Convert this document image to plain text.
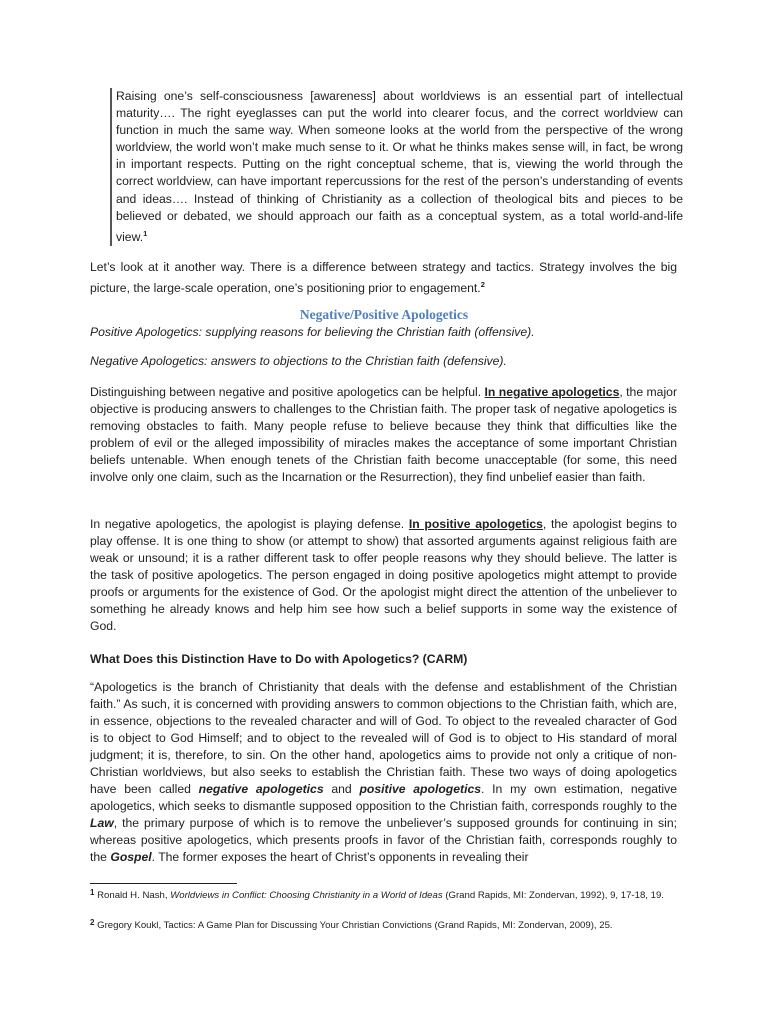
Raising one’s self-consciousness [awareness] about worldviews is an essential part of intellectual maturity…. The right eyeglasses can put the world into clearer focus, and the correct worldview can function in much the same way. When someone looks at the world from the perspective of the wrong worldview, the world won’t make much sense to it. Or what he thinks makes sense will, in fact, be wrong in important respects. Putting on the right conceptual scheme, that is, viewing the world through the correct worldview, can have important repercussions for the rest of the person’s understanding of events and ideas…. Instead of thinking of Christianity as a collection of theological bits and pieces to be believed or debated, we should approach our faith as a conceptual system, as a total world-and-life view.$^1$

Let’s look at it another way. There is a difference between strategy and tactics. Strategy involves the big picture, the large-scale operation, one’s positioning prior to engagement.$^2$

Negative/Positive Apologetics

Positive Apologetics: supplying reasons for believing the Christian faith (offensive).

Negative Apologetics: answers to objections to the Christian faith (defensive).

Distinguishing between negative and positive apologetics can be helpful. In negative apologetics, the major objective is producing answers to challenges to the Christian faith. The proper task of negative apologetics is removing obstacles to faith. Many people refuse to believe because they think that difficulties like the problem of evil or the alleged impossibility of miracles makes the acceptance of some important Christian beliefs untenable. When enough tenets of the Christian faith become unacceptable (for some, this need involve only one claim, such as the Incarnation or the Resurrection), they find unbelief easier than faith.

In negative apologetics, the apologist is playing defense. In positive apologetics, the apologist begins to play offense. It is one thing to show (or attempt to show) that assorted arguments against religious faith are weak or unsound; it is a rather different task to offer people reasons why they should believe. The latter is the task of positive apologetics. The person engaged in doing positive apologetics might attempt to provide proofs or arguments for the existence of God. Or the apologist might direct the attention of the unbeliever to something he already knows and help him see how such a belief supports in some way the existence of God.

What Does this Distinction Have to Do with Apologetics? (CARM)

“Apologetics is the branch of Christianity that deals with the defense and establishment of the Christian faith.” As such, it is concerned with providing answers to common objections to the Christian faith, which are, in essence, objections to the revealed character and will of God. To object to the revealed character of God is to object to God Himself; and to object to the revealed will of God is to object to His standard of moral judgment; it is, therefore, to sin. On the other hand, apologetics aims to provide not only a critique of non-Christian worldviews, but also seeks to establish the Christian faith. These two ways of doing apologetics have been called negative apologetics and positive apologetics. In my own estimation, negative apologetics, which seeks to dismantle supposed opposition to the Christian faith, corresponds roughly to the Law, the primary purpose of which is to remove the unbeliever’s supposed grounds for continuing in sin; whereas positive apologetics, which presents proofs in favor of the Christian faith, corresponds roughly to the Gospel. The former exposes the heart of Christ’s opponents in revealing their

$^1$ Ronald H. Nash, Worldviews in Conflict: Choosing Christianity in a World of Ideas (Grand Rapids, MI: Zondervan, 1992), 9, 17-18, 19.

$^2$ Gregory Koukl, Tactics: A Game Plan for Discussing Your Christian Convictions (Grand Rapids, MI: Zondervan, 2009), 25.
